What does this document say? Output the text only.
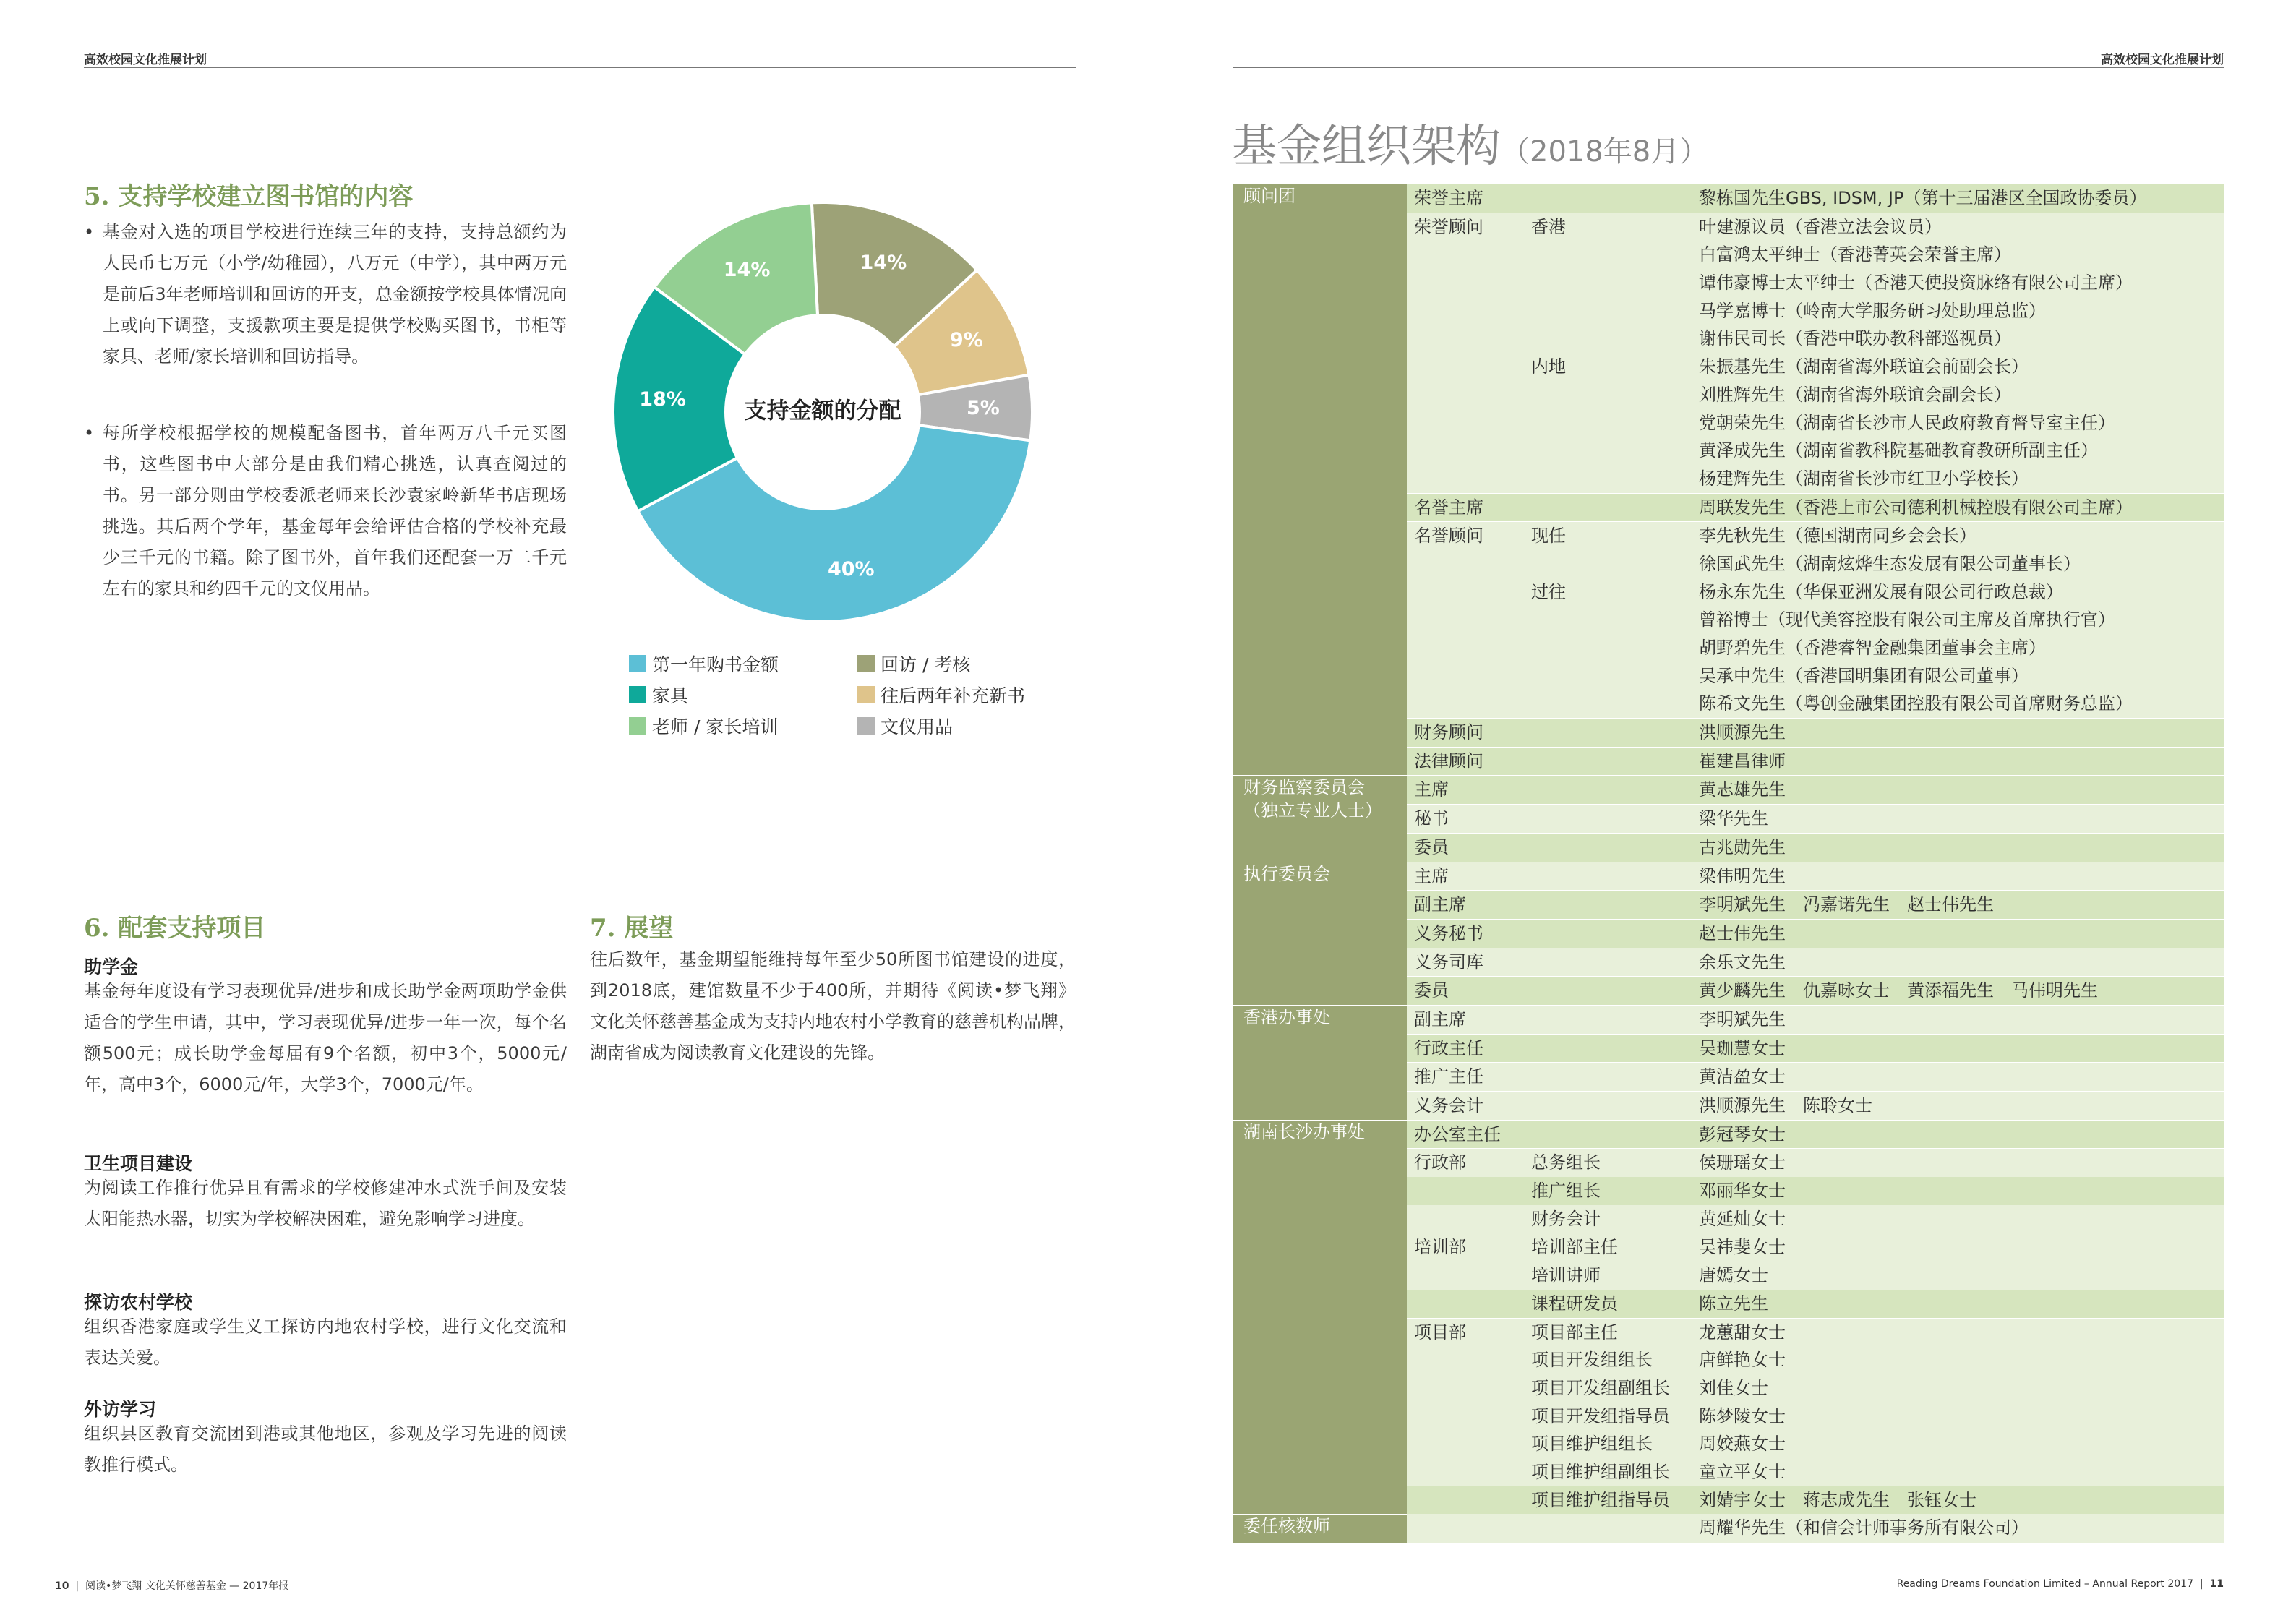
高效校园文化推展计划
5. 支持学校建立图书馆的内容
• 基金对入选的项目学校进行连续三年的支持，支持总额约为人民币七万元（小学/幼稚园），八万元（中学），其中两万元是前后3年老师培训和回访的开支，总金额按学校具体情况向上或向下调整，支援款项主要是提供学校购买图书，书柜等家具、老师/家长培训和回访指导。
• 每所学校根据学校的规模配备图书，首年两万八千元买图书，这些图书中大部分是由我们精心挑选，认真查阅过的书。另一部分则由学校委派老师来长沙袁家岭新华书店现场挑选。其后两个学年，基金每年会给评估合格的学校补充最少三千元的书籍。除了图书外，首年我们还配套一万二千元左右的家具和约四千元的文仪用品。
14%
9%
5%
40%
18%
14%
支持金额的分配
第一年购书金额
家具
老师 / 家长培训
回访 / 考核
往后两年补充新书
文仪用品
6. 配套支持项目
助学金
基金每年度设有学习表现优异/进步和成长助学金两项助学金供适合的学生申请，其中，学习表现优异/进步一年一次，每个名额500元；成长助学金每届有9个名额，初中3个，5000元/年，高中3个，6000元/年，大学3个，7000元/年。
卫生项目建设
为阅读工作推行优异且有需求的学校修建冲水式洗手间及安装太阳能热水器，切实为学校解决困难，避免影响学习进度。
探访农村学校
组织香港家庭或学生义工探访内地农村学校，进行文化交流和表达关爱。
外访学习
组织县区教育交流团到港或其他地区，参观及学习先进的阅读教推行模式。
7. 展望
往后数年，基金期望能维持每年至少50所图书馆建设的进度，到2018底，建馆数量不少于400所，并期待《阅读•梦飞翔》文化关怀慈善基金成为支持内地农村小学教育的慈善机构品牌，湖南省成为阅读教育文化建设的先锋。
10  |  阅读•梦飞翔 文化关怀慈善基金 — 2017年报
高效校园文化推展计划
基金组织架构（2018年8月）
顾问团	荣誉主席		黎栋国先生GBS, IDSM, JP（第十三届港区全国政协委员）
	荣誉顾问	香港	叶建源议员（香港立法会议员）
			白富鸿太平绅士（香港菁英会荣誉主席）
			谭伟豪博士太平绅士（香港天使投资脉络有限公司主席）
			马学嘉博士（岭南大学服务研习处助理总监）
			谢伟民司长（香港中联办教科部巡视员）
		内地	朱振基先生（湖南省海外联谊会前副会长）
			刘胜辉先生（湖南省海外联谊会副会长）
			党朝荣先生（湖南省长沙市人民政府教育督导室主任）
			黄泽成先生（湖南省教科院基础教育教研所副主任）
			杨建辉先生（湖南省长沙市红卫小学校长）
	名誉主席		周联发先生（香港上市公司德利机械控股有限公司主席）
	名誉顾问	现任	李先秋先生（德国湖南同乡会会长）
			徐国武先生（湖南炫烨生态发展有限公司董事长）
		过往	杨永东先生（华保亚洲发展有限公司行政总裁）
			曾裕博士（现代美容控股有限公司主席及首席执行官）
			胡野碧先生（香港睿智金融集团董事会主席）
			吴承中先生（香港国明集团有限公司董事）
			陈希文先生（粤创金融集团控股有限公司首席财务总监）
	财务顾问		洪顺源先生
	法律顾问		崔建昌律师

财务监察委员会
（独立专业人士）	主席		黄志雄先生
	秘书		梁华先生
	委员		古兆勋先生

执行委员会	主席		梁伟明先生
	副主席		李明斌先生　冯嘉诺先生　赵士伟先生
	义务秘书		赵士伟先生
	义务司库		余乐文先生
	委员		黄少麟先生　仇嘉咏女士　黄添福先生　马伟明先生

香港办事处	副主席		李明斌先生
	行政主任		吴珈慧女士
	推广主任		黄洁盈女士
	义务会计		洪顺源先生　陈聆女士

湖南长沙办事处	办公室主任		彭冠琴女士
	行政部	总务组长	侯珊瑶女士
		推广组长	邓丽华女士
		财务会计	黄延灿女士
	培训部	培训部主任	吴祎斐女士
		培训讲师	唐嫣女士
		课程研发员	陈立先生
	项目部	项目部主任	龙蕙甜女士
		项目开发组组长	唐鲜艳女士
		项目开发组副组长	刘佳女士
		项目开发组指导员	陈梦陵女士
		项目维护组组长	周姣燕女士
		项目维护组副组长	童立平女士
		项目维护组指导员	刘婧宇女士　蒋志成先生　张钰女士

委任核数师			周耀华先生（和信会计师事务所有限公司）
Reading Dreams Foundation Limited – Annual Report 2017  |  11
